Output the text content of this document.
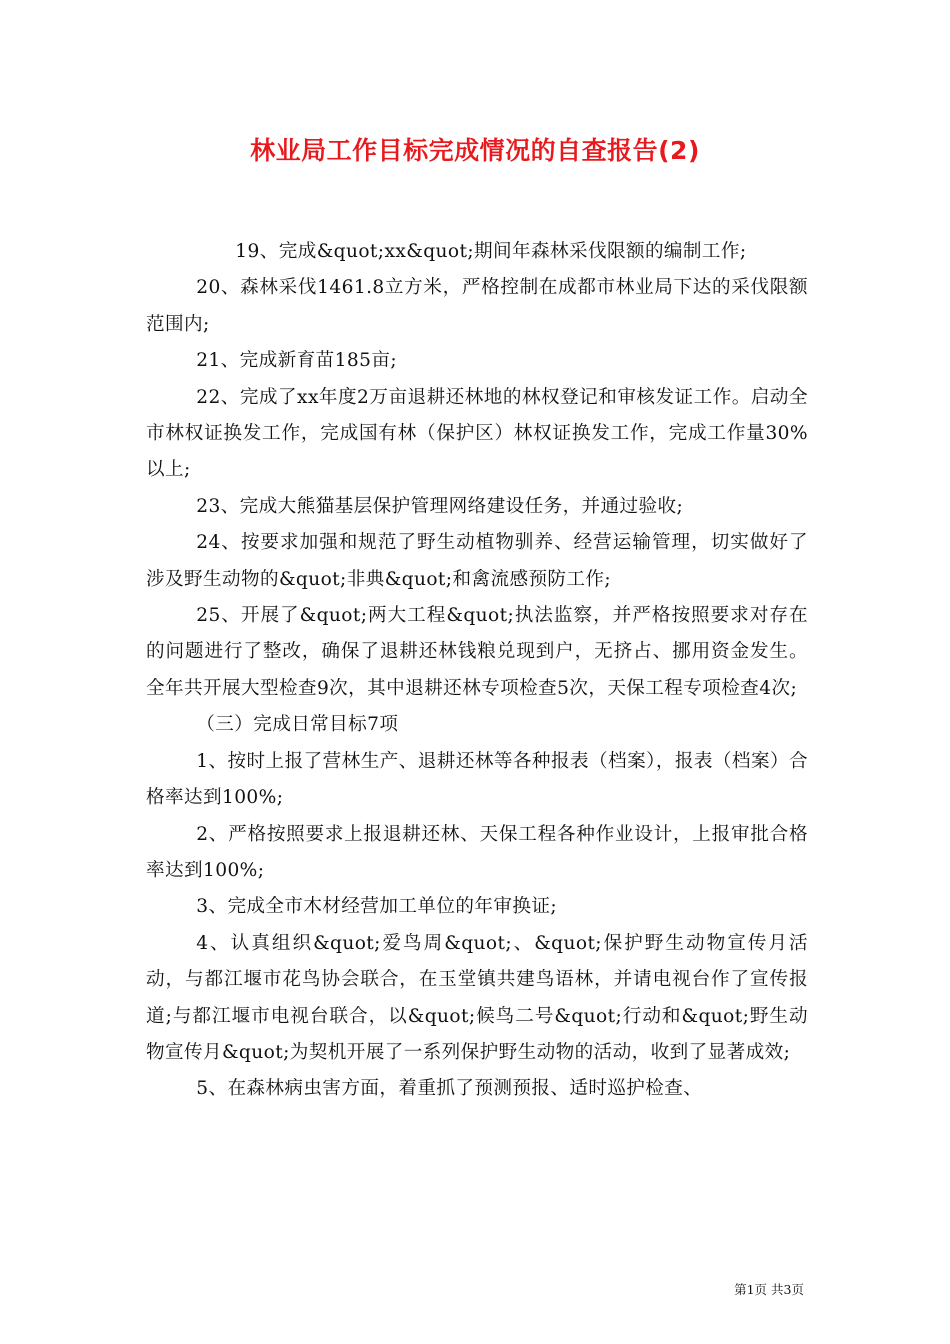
林业局工作目标完成情况的自查报告(2)

19、完成&quot;xx&quot;期间年森林采伐限额的编制工作;

20、森林采伐1461.8立方米，严格控制在成都市林业局下达的采伐限额范围内;

21、完成新育苗185亩;

22、完成了xx年度2万亩退耕还林地的林权登记和审核发证工作。启动全市林权证换发工作，完成国有林（保护区）林权证换发工作，完成工作量30%以上;

23、完成大熊猫基层保护管理网络建设任务，并通过验收;

24、按要求加强和规范了野生动植物驯养、经营运输管理，切实做好了涉及野生动物的&quot;非典&quot;和禽流感预防工作;

25、开展了&quot;两大工程&quot;执法监察，并严格按照要求对存在的问题进行了整改，确保了退耕还林钱粮兑现到户，无挤占、挪用资金发生。全年共开展大型检查9次，其中退耕还林专项检查5次，天保工程专项检查4次;

（三）完成日常目标7项

1、按时上报了营林生产、退耕还林等各种报表（档案），报表（档案）合格率达到100%;

2、严格按照要求上报退耕还林、天保工程各种作业设计，上报审批合格率达到100%;

3、完成全市木材经营加工单位的年审换证;

4、认真组织&quot;爱鸟周&quot;、&quot;保护野生动物宣传月活动，与都江堰市花鸟协会联合，在玉堂镇共建鸟语林，并请电视台作了宣传报道;与都江堰市电视台联合，以&quot;候鸟二号&quot;行动和&quot;野生动物宣传月&quot;为契机开展了一系列保护野生动物的活动，收到了显著成效;

5、在森林病虫害方面，着重抓了预测预报、适时巡护检查、

第1页 共3页
